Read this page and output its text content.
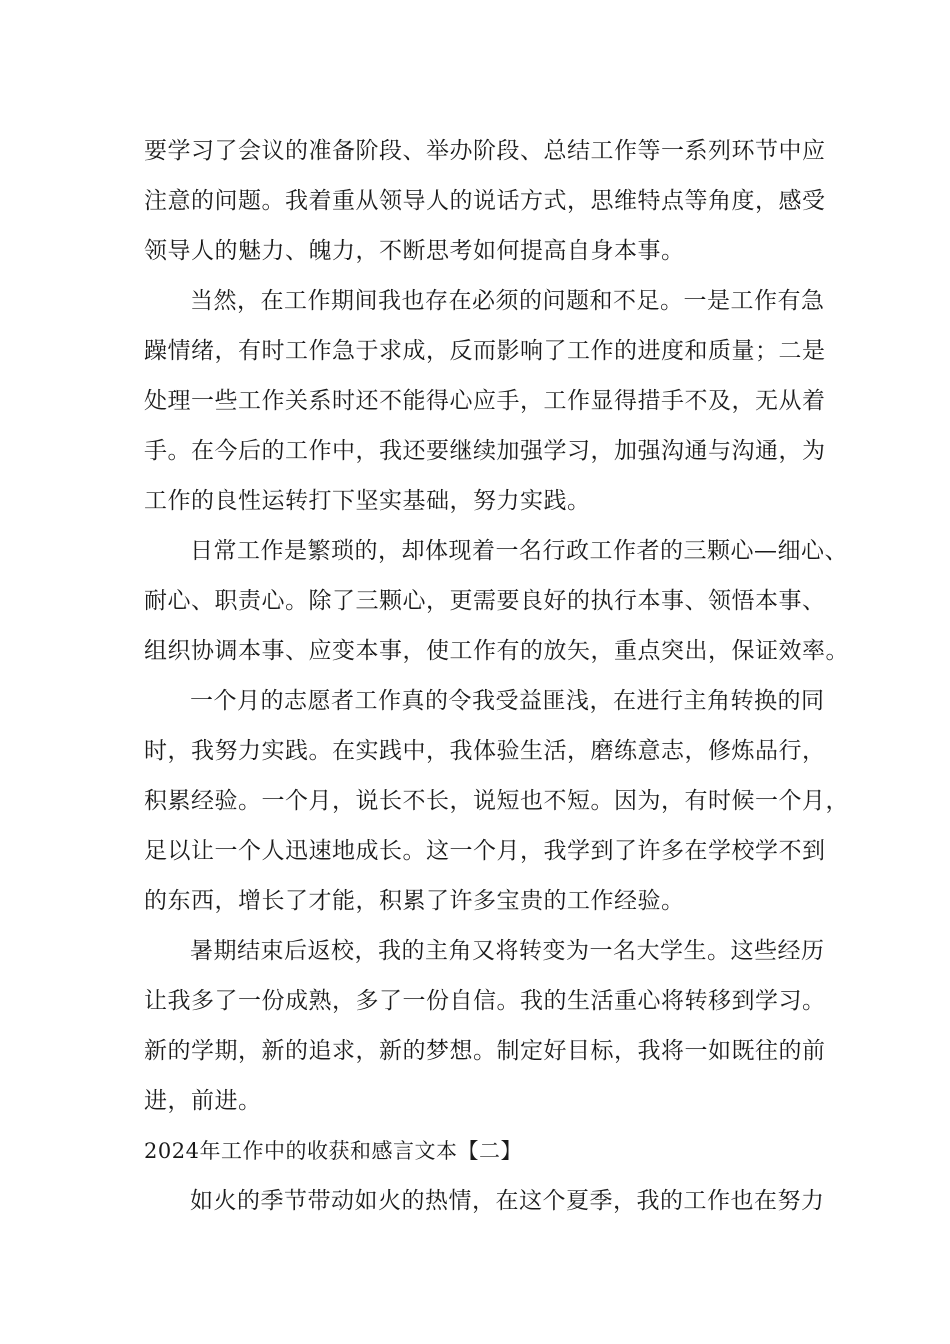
要学习了会议的准备阶段、举办阶段、总结工作等一系列环节中应
注意的问题。我着重从领导人的说话方式，思维特点等角度，感受
领导人的魅力、魄力，不断思考如何提高自身本事。
当然，在工作期间我也存在必须的问题和不足。一是工作有急
躁情绪，有时工作急于求成，反而影响了工作的进度和质量；二是
处理一些工作关系时还不能得心应手，工作显得措手不及，无从着
手。在今后的工作中，我还要继续加强学习，加强沟通与沟通，为
工作的良性运转打下坚实基础，努力实践。
日常工作是繁琐的，却体现着一名行政工作者的三颗心—细心、
耐心、职责心。除了三颗心，更需要良好的执行本事、领悟本事、
组织协调本事、应变本事，使工作有的放矢，重点突出，保证效率。
一个月的志愿者工作真的令我受益匪浅，在进行主角转换的同
时，我努力实践。在实践中，我体验生活，磨练意志，修炼品行，
积累经验。一个月，说长不长，说短也不短。因为，有时候一个月，
足以让一个人迅速地成长。这一个月，我学到了许多在学校学不到
的东西，增长了才能，积累了许多宝贵的工作经验。
暑期结束后返校，我的主角又将转变为一名大学生。这些经历
让我多了一份成熟，多了一份自信。我的生活重心将转移到学习。
新的学期，新的追求，新的梦想。制定好目标，我将一如既往的前
进，前进。
2024年工作中的收获和感言文本【二】
如火的季节带动如火的热情，在这个夏季，我的工作也在努力
